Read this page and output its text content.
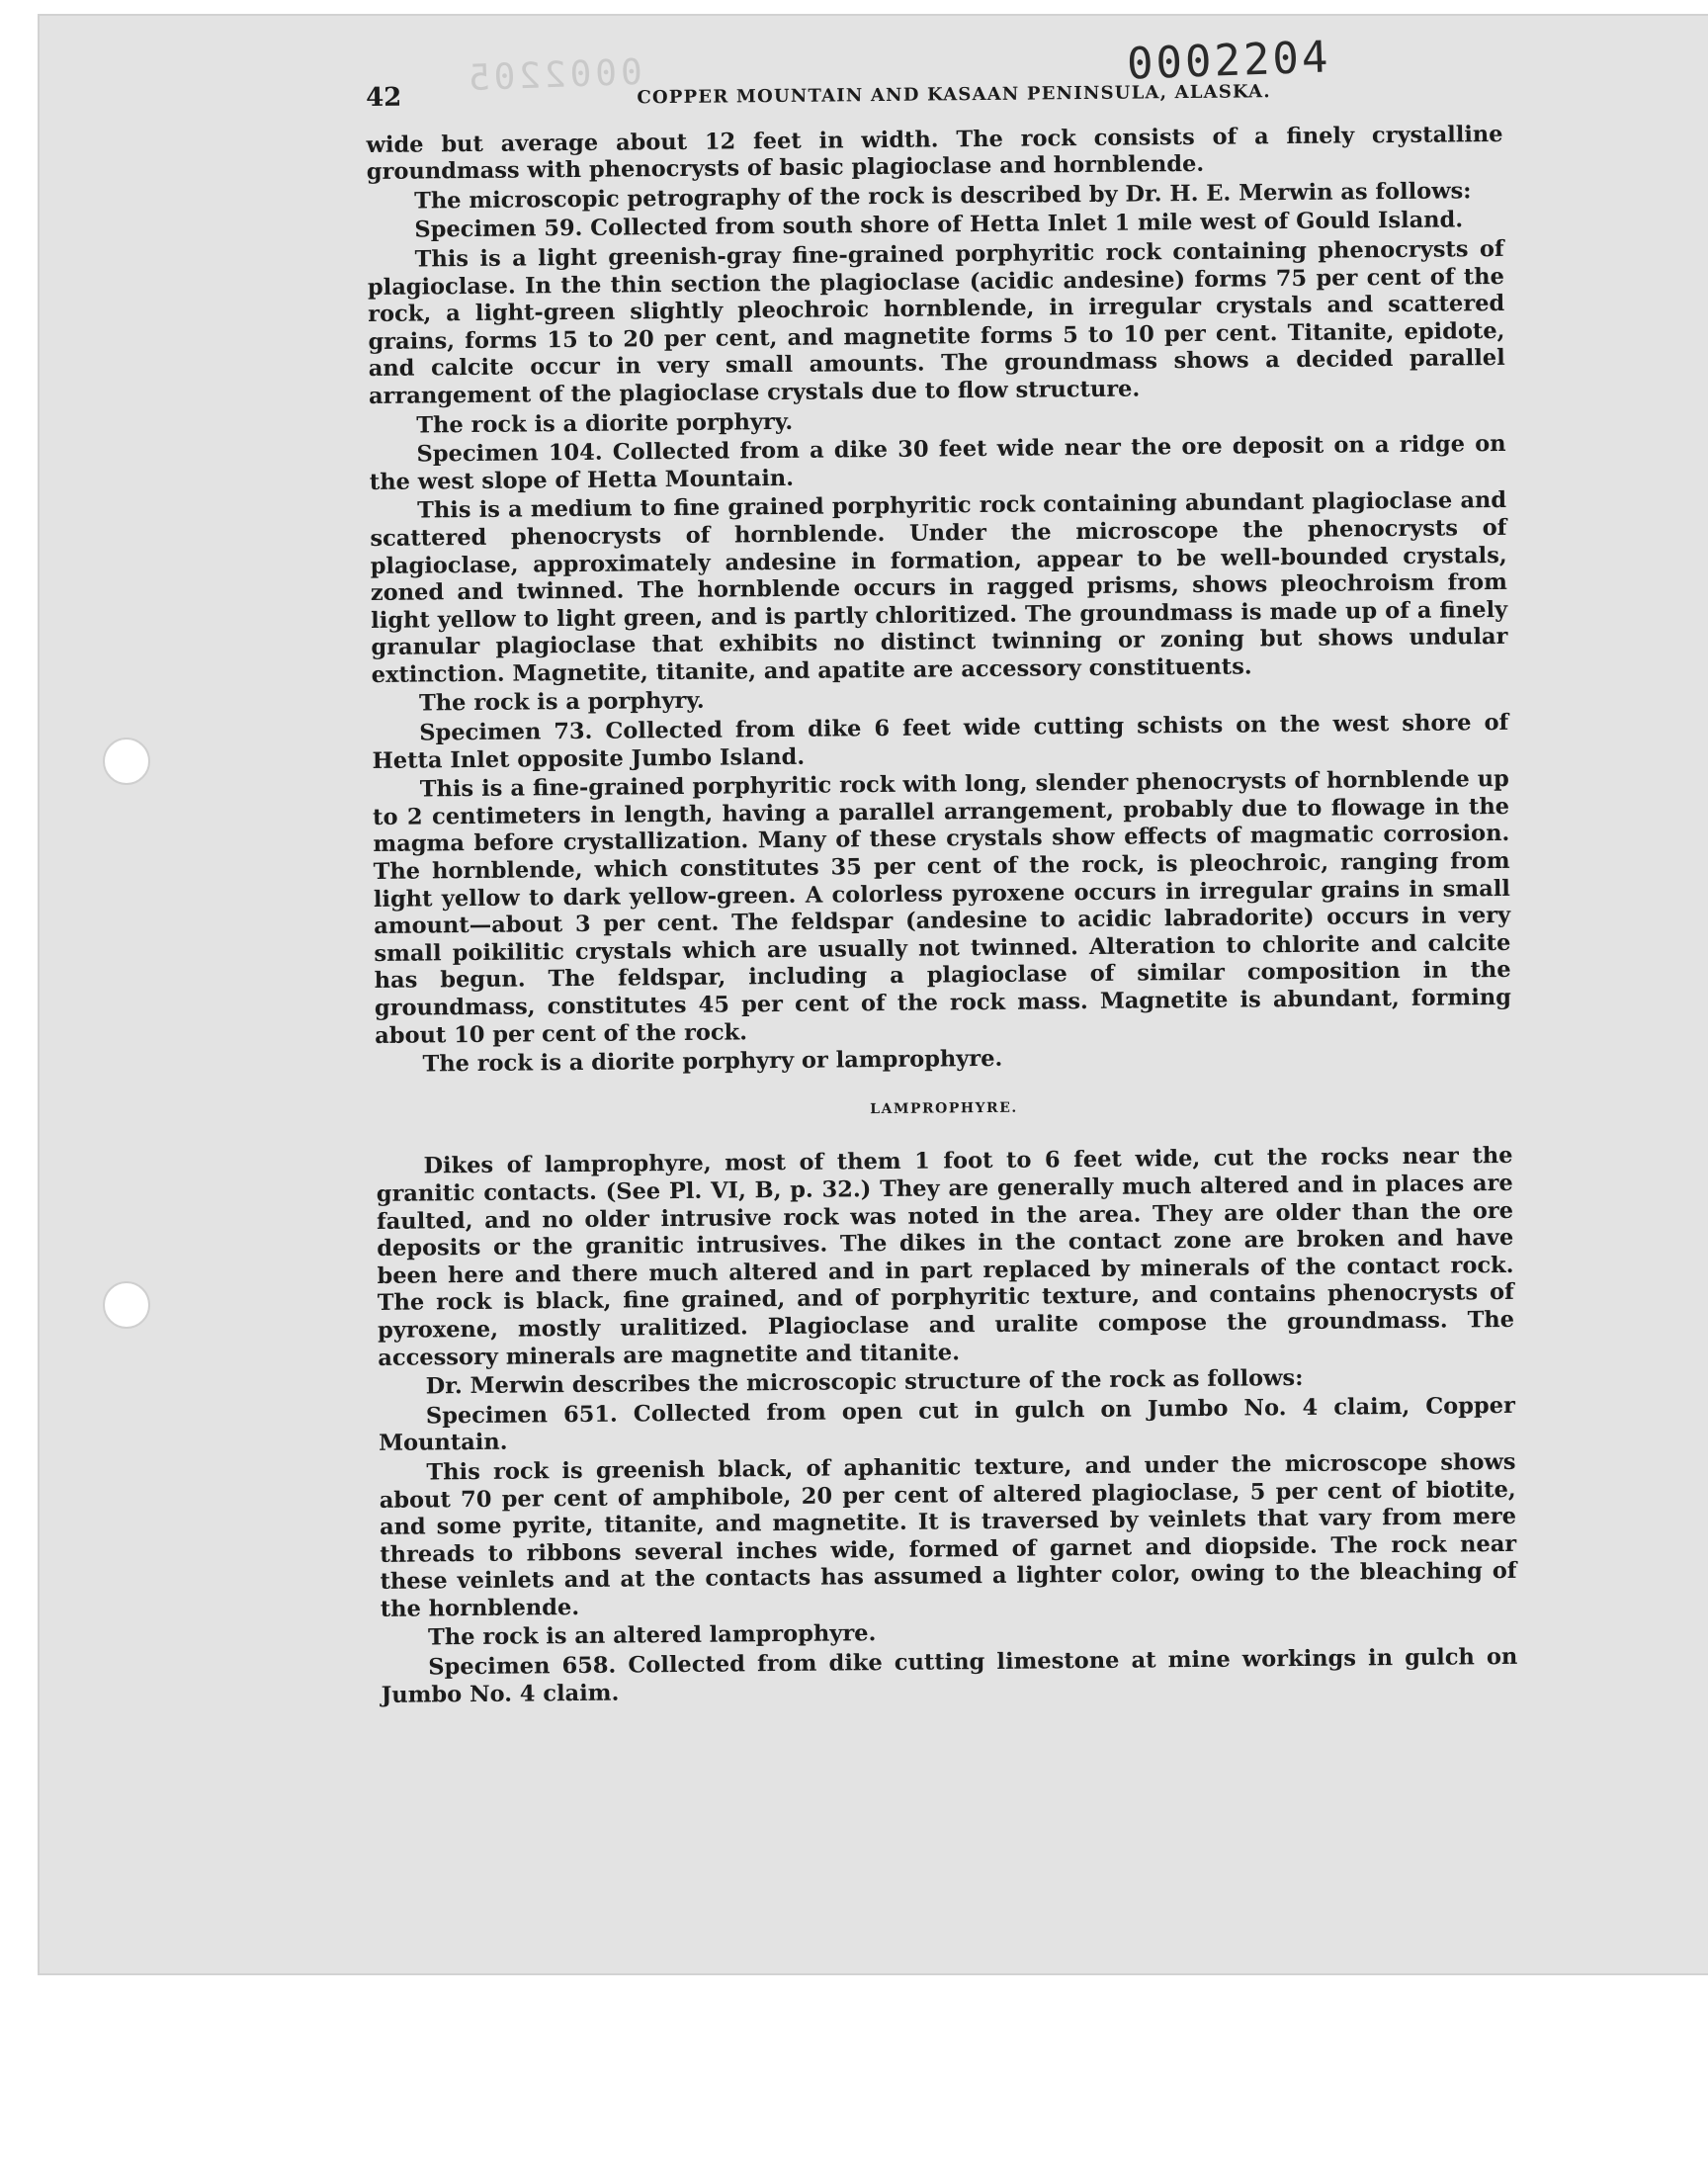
0002205	0002204
42	COPPER MOUNTAIN AND KASAAN PENINSULA, ALASKA.

wide but average about 12 feet in width. The rock consists of a finely crystalline groundmass with phenocrysts of basic plagioclase and hornblende.

The microscopic petrography of the rock is described by Dr. H. E. Merwin as follows:

Specimen 59. Collected from south shore of Hetta Inlet 1 mile west of Gould Island.

This is a light greenish-gray fine-grained porphyritic rock containing phenocrysts of plagioclase. In the thin section the plagioclase (acidic andesine) forms 75 per cent of the rock, a light-green slightly pleochroic hornblende, in irregular crystals and scattered grains, forms 15 to 20 per cent, and magnetite forms 5 to 10 per cent. Titanite, epidote, and calcite occur in very small amounts. The groundmass shows a decided parallel arrangement of the plagioclase crystals due to flow structure.

The rock is a diorite porphyry.

Specimen 104. Collected from a dike 30 feet wide near the ore deposit on a ridge on the west slope of Hetta Mountain.

This is a medium to fine grained porphyritic rock containing abundant plagioclase and scattered phenocrysts of hornblende. Under the microscope the phenocrysts of plagioclase, approximately andesine in formation, appear to be well-bounded crystals, zoned and twinned. The hornblende occurs in ragged prisms, shows pleochroism from light yellow to light green, and is partly chloritized. The groundmass is made up of a finely granular plagioclase that exhibits no distinct twinning or zoning but shows undular extinction. Magnetite, titanite, and apatite are accessory constituents.

The rock is a porphyry.

Specimen 73. Collected from dike 6 feet wide cutting schists on the west shore of Hetta Inlet opposite Jumbo Island.

This is a fine-grained porphyritic rock with long, slender phenocrysts of hornblende up to 2 centimeters in length, having a parallel arrangement, probably due to flowage in the magma before crystallization. Many of these crystals show effects of magmatic corrosion. The hornblende, which constitutes 35 per cent of the rock, is pleochroic, ranging from light yellow to dark yellow-green. A colorless pyroxene occurs in irregular grains in small amount—about 3 per cent. The feldspar (andesine to acidic labradorite) occurs in very small poikilitic crystals which are usually not twinned. Alteration to chlorite and calcite has begun. The feldspar, including a plagioclase of similar composition in the groundmass, constitutes 45 per cent of the rock mass. Magnetite is abundant, forming about 10 per cent of the rock.

The rock is a diorite porphyry or lamprophyre.

LAMPROPHYRE.

Dikes of lamprophyre, most of them 1 foot to 6 feet wide, cut the rocks near the granitic contacts. (See Pl. VI, B, p. 32.) They are generally much altered and in places are faulted, and no older intrusive rock was noted in the area. They are older than the ore deposits or the granitic intrusives. The dikes in the contact zone are broken and have been here and there much altered and in part replaced by minerals of the contact rock. The rock is black, fine grained, and of porphyritic texture, and contains phenocrysts of pyroxene, mostly uralitized. Plagioclase and uralite compose the groundmass. The accessory minerals are magnetite and titanite.

Dr. Merwin describes the microscopic structure of the rock as follows:

Specimen 651. Collected from open cut in gulch on Jumbo No. 4 claim, Copper Mountain.

This rock is greenish black, of aphanitic texture, and under the microscope shows about 70 per cent of amphibole, 20 per cent of altered plagioclase, 5 per cent of biotite, and some pyrite, titanite, and magnetite. It is traversed by veinlets that vary from mere threads to ribbons several inches wide, formed of garnet and diopside. The rock near these veinlets and at the contacts has assumed a lighter color, owing to the bleaching of the hornblende.

The rock is an altered lamprophyre.

Specimen 658. Collected from dike cutting limestone at mine workings in gulch on Jumbo No. 4 claim.
